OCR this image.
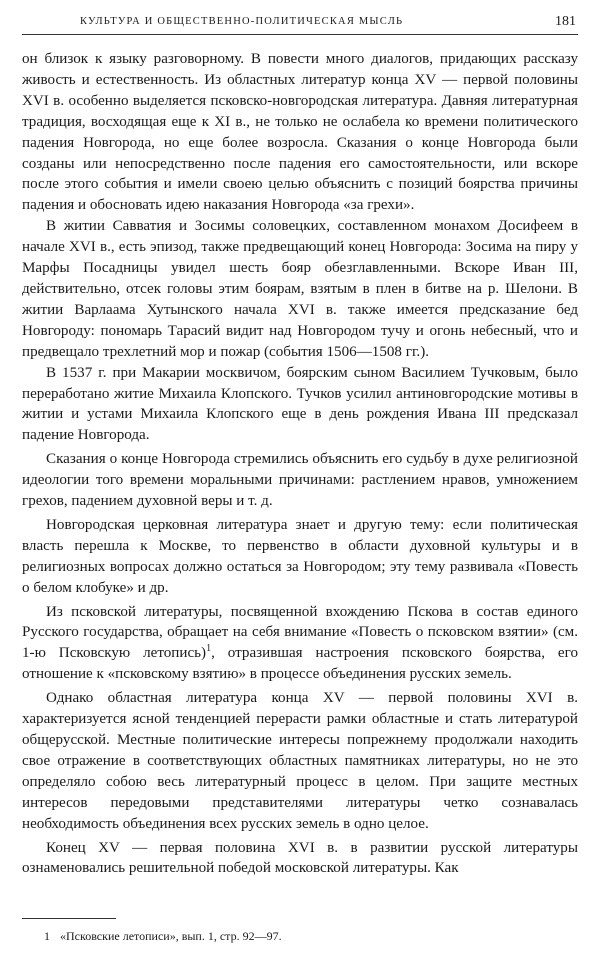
КУЛЬТУРА И ОБЩЕСТВЕННО-ПОЛИТИЧЕСКАЯ МЫСЛЬ	181

он близок к языку разговорному. В повести много диалогов, придающих рассказу живость и естественность. Из областных литератур конца XV — первой половины XVI в. особенно выделяется псковско-новгородская литература. Давняя литературная традиция, восходящая еще к XI в., не только не ослабела ко времени политического падения Новгорода, но еще более возросла. Сказания о конце Новгорода были созданы или непосредственно после падения его самостоятельности, или вскоре после этого события и имели своею целью объяснить с позиций боярства причины падения и обосновать идею наказания Новгорода «за грехи».

В житии Савватия и Зосимы соловецких, составленном монахом Досифеем в начале XVI в., есть эпизод, также предвещающий конец Новгорода: Зосима на пиру у Марфы Посадницы увидел шесть бояр обезглавленными. Вскоре Иван III, действительно, отсек головы этим боярам, взятым в плен в битве на р. Шелони. В житии Варлаама Хутынского начала XVI в. также имеется предсказание бед Новгороду: пономарь Тарасий видит над Новгородом тучу и огонь небесный, что и предвещало трехлетний мор и пожар (события 1506—1508 гг.).

В 1537 г. при Макарии москвичом, боярским сыном Василием Тучковым, было переработано житие Михаила Клопского. Тучков усилил антиновгородские мотивы в житии и устами Михаила Клопского еще в день рождения Ивана III предсказал падение Новгорода.

Сказания о конце Новгорода стремились объяснить его судьбу в духе религиозной идеологии того времени моральными причинами: растлением нравов, умножением грехов, падением духовной веры и т. д.

Новгородская церковная литература знает и другую тему: если политическая власть перешла к Москве, то первенство в области духовной культуры и в религиозных вопросах должно остаться за Новгородом; эту тему развивала «Повесть о белом клобуке» и др.

Из псковской литературы, посвященной вхождению Пскова в состав единого Русского государства, обращает на себя внимание «Повесть о псковском взятии» (см. 1-ю Псковскую летопись)$^1$, отразившая настроения псковского боярства, его отношение к «псковскому взятию» в процессе объединения русских земель.

Однако областная литература конца XV — первой половины XVI в. характеризуется ясной тенденцией перерасти рамки областные и стать литературой общерусской. Местные политические интересы попрежнему продолжали находить свое отражение в соответствующих областных памятниках литературы, но не это определяло собою весь литературный процесс в целом. При защите местных интересов передовыми представителями литературы четко сознавалась необходимость объединения всех русских земель в одно целое.

Конец XV — первая половина XVI в. в развитии русской литературы ознаменовались решительной победой московской литературы. Как

1 «Псковские летописи», вып. 1, стр. 92—97.
